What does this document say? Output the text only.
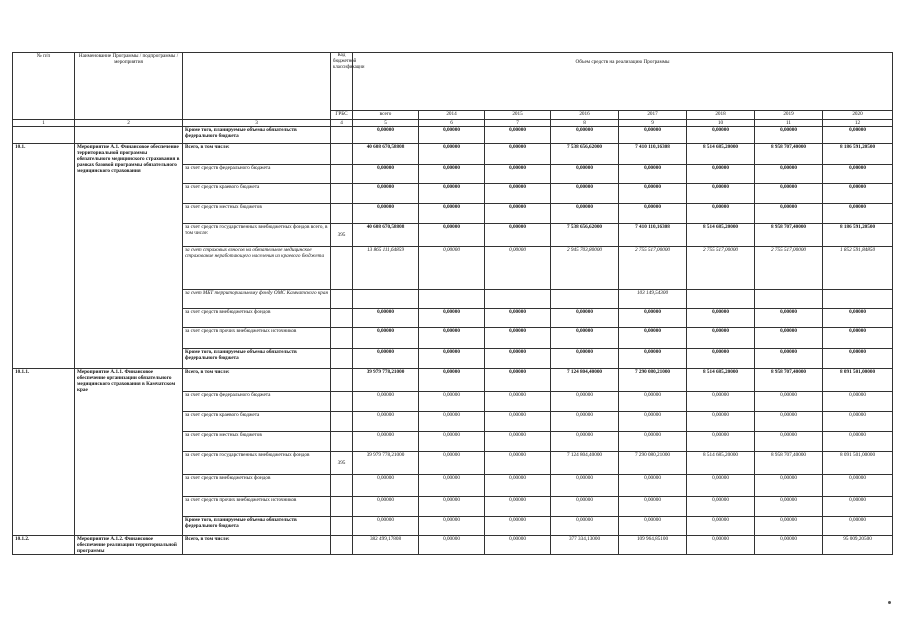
№ п/п	Наименование Программы / подпрограммы / мероприятия		Код бюджетной классификации	Объем средств на реализацию Программы							
			ГРБС	всего	2014	2015	2016	2017	2018	2019	2020
1	2	3	4	5	6	7	8	9	10	11	12
		Кроме того, планируемые объемы обязательств федерального бюджета		0,00000	0,00000	0,00000	0,00000	0,00000	0,00000	0,00000	0,00000
10.1.	Мероприятие А.1. Финансовое обеспечение территориальной программы обязательного медицинского страхования в рамках базовой программы обязательного медицинского страхования	Всего, в том числе:		40 608 670,58808	0,00000	0,00000	7 538 656,62000	7 410 110,16308	8 514 685,20000	8 958 707,40000	8 186 591,20500
		за счет средств федерального бюджета		0,00000	0,00000	0,00000	0,00000	0,00000	0,00000	0,00000	0,00000
		за счет средств краевого бюджета		0,00000	0,00000	0,00000	0,00000	0,00000	0,00000	0,00000	0,00000
		за счет средств местных бюджетов		0,00000	0,00000	0,00000	0,00000	0,00000	0,00000	0,00000	0,00000
		за счет средств государственных внебюджетных фондов всего, в том числе:	395	40 608 670,58808	0,00000	0,00000	7 538 656,62000	7 410 110,16308	8 514 685,20000	8 958 707,40000	8 186 591,20500
		за счет страховых взносов на обязательное медицинское страхование неработающего населения из краевого бюджета		13 865 111,64859	0,00000	0,00000	2 945 703,80000	2 755 517,00000	2 755 517,00000	2 755 517,00000	1 852 591,84850
		за счет МБТ территориальному фонду ОМС Камчатского края						103 149,54300			
		за счет средств внебюджетных фондов		0,00000	0,00000	0,00000	0,00000	0,00000	0,00000	0,00000	0,00000
		за счет средств прочих внебюджетных источников		0,00000	0,00000	0,00000	0,00000	0,00000	0,00000	0,00000	0,00000
		Кроме того, планируемые объемы обязательств федерального бюджета		0,00000	0,00000	0,00000	0,00000	0,00000	0,00000	0,00000	0,00000
10.1.1.	Мероприятие А.1.1. Финансовое обеспечение организации обязательного медицинского страхования в Камчатском крае	Всего, в том числе:		39 979 778,21000	0,00000	0,00000	7 124 804,40000	7 290 080,21000	8 514 685,20000	8 958 707,40000	8 091 501,00000
		за счет средств федерального бюджета		0,00000	0,00000	0,00000	0,00000	0,00000	0,00000	0,00000	0,00000
		за счет средств краевого бюджета		0,00000	0,00000	0,00000	0,00000	0,00000	0,00000	0,00000	0,00000
		за счет средств местных бюджетов		0,00000	0,00000	0,00000	0,00000	0,00000	0,00000	0,00000	0,00000
		за счет средств государственных внебюджетных фондов	395	39 979 778,21000	0,00000	0,00000	7 124 804,40000	7 290 080,21000	8 514 685,20000	8 958 707,40000	8 091 501,00000
		за счет средств внебюджетных фондов		0,00000	0,00000	0,00000	0,00000	0,00000	0,00000	0,00000	0,00000
		за счет средств прочих внебюджетных источников		0,00000	0,00000	0,00000	0,00000	0,00000	0,00000	0,00000	0,00000
		Кроме того, планируемые объемы обязательств федерального бюджета		0,00000	0,00000	0,00000	0,00000	0,00000	0,00000	0,00000	0,00000
10.1.2.	Мероприятие А.1.2. Финансовое обеспечение реализации территориальной программы	Всего, в том числе:		382 499,17808	0,00000	0,00000	377 334,13000	109 964,85100	0,00000	0,00000	95 009,20500
